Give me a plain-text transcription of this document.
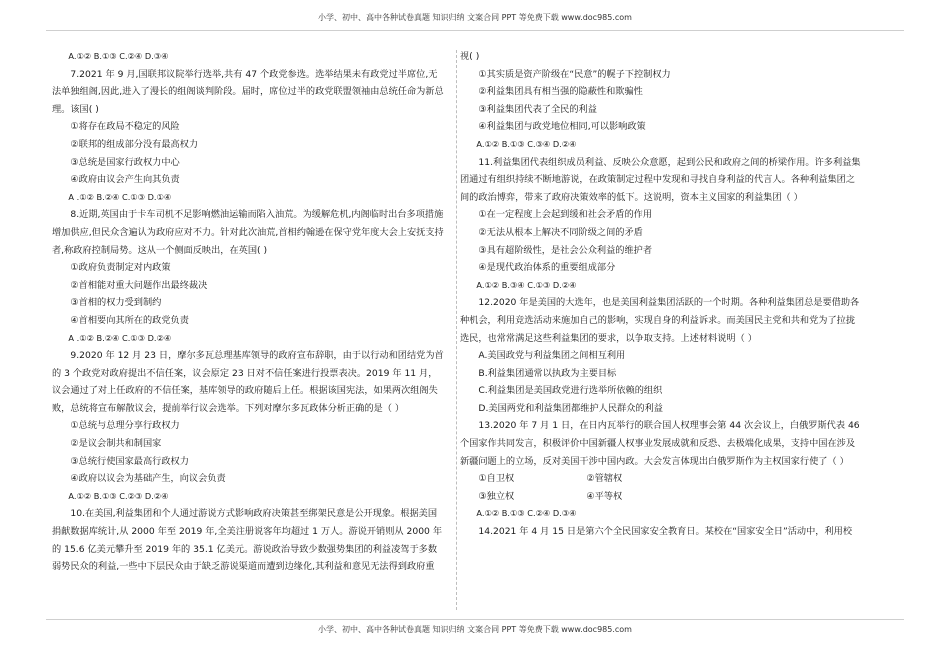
小学、初中、高中各种试卷真题 知识归纳 文案合同 PPT 等免费下载 www.doc985.com

A.①② B.①③ C.②④ D.③④

7.2021 年 9 月,国联邦议院举行选举,共有 47 个政党参选。选举结果未有政党过半席位,无法单独组阁,因此,进入了漫长的组阁谈判阶段。届时，席位过半的政党联盟领袖由总统任命为新总理。该国( )

①将存在政局不稳定的风险

②联邦的组成部分没有最高权力

③总统是国家行政权力中心

④政府由议会产生向其负责

A .①② B.②④ C.①③ D.①④

8.近期,英国由于卡车司机不足影响燃油运输而陷入油荒。为缓解危机,内阁临时出台多项措施增加供应,但民众含遍认为政府应对不力。针对此次油荒,首相约翰逊在保守党年度大会上安抚支持者,称政府控制局势。这从一个侧面反映出，在英国( )

①政府负责制定对内政策

②首相能对重大问题作出最终裁决

③首相的权力受到制约

④首相要向其所在的政党负责

A .①② B.②④ C.①③ D.②④

9.2020 年 12 月 23 日，摩尔多瓦总理基库领导的政府宣布辞职，由于以行动和团结党为首的 3 个政党对政府提出不信任案，议会原定 23 日对不信任案进行投票表决。2019 年 11 月，议会通过了对上任政府的不信任案，基库领导的政府随后上任。根据该国宪法，如果两次组阁失败，总统将宣布解散议会，提前举行议会选举。下列对摩尔多瓦政体分析正确的是（ ）

①总统与总理分享行政权力

②是议会制共和制国家

③总统行使国家最高行政权力

④政府以议会为基础产生，向议会负责

A.①② B.①③ C.②③ D.②④

10.在美国,利益集团和个人通过游说方式影响政府决策甚至绑架民意是公开现象。根据美国捐献数据库统计,从 2000 年至 2019 年,全美注册说客年均超过 1 万人。游说开销则从 2000 年的 15.6 亿美元攀升至 2019 年的 35.1 亿美元。游说政治导致少数强势集团的利益凌驾于多数弱势民众的利益,一些中下层民众由于缺乏游说渠道而遭到边缘化,其利益和意见无法得到政府重

视( )

①其实质是资产阶级在“民意”的幌子下控制权力

②利益集团具有相当强的隐蔽性和欺骗性

③利益集团代表了全民的利益

④利益集团与政党地位相同,可以影响政策

A.①② B.①③ C.③④ D.②④

11.利益集团代表组织成员利益、反映公众意愿，起到公民和政府之间的桥梁作用。许多利益集团通过有组织持续不断地游说，在政策制定过程中发现和寻找自身利益的代言人。各种利益集团之间的政治博弈，带来了政府决策效率的低下。这说明，资本主义国家的利益集团（ ）

①在一定程度上会起到缓和社会矛盾的作用

②无法从根本上解决不同阶级之间的矛盾

③具有超阶级性，是社会公众利益的维护者

④是现代政治体系的重要组成部分

A.①② B.③④ C.①③ D.②④

12.2020 年是美国的大选年，也是美国利益集团活跃的一个时期。各种利益集团总是要借助各种机会，利用竞选活动来施加自己的影响，实现自身的利益诉求。而美国民主党和共和党为了拉拢选民，也常常满足这些利益集团的要求，以争取支持。上述材料说明（ ）

A.美国政党与利益集团之间相互利用

B.利益集团通常以执政为主要目标

C.利益集团是美国政党进行选举所依赖的组织

D.美国两党和利益集团都维护人民群众的利益

13.2020 年 7 月 1 日，在日内瓦举行的联合国人权理事会第 44 次会议上，白俄罗斯代表 46 个国家作共同发言，积极评价中国新疆人权事业发展成就和反恐、去极端化成果，支持中国在涉及新疆问题上的立场，反对美国干涉中国内政。大会发言体现出白俄罗斯作为主权国家行使了（ ）

①自卫权	②管辖权
③独立权	④平等权

A.①② B.①③ C.②④ D.③④

14.2021 年 4 月 15 日是第六个全民国家安全教育日。某校在“国家安全日”活动中，利用校

小学、初中、高中各种试卷真题 知识归纳 文案合同 PPT 等免费下载 www.doc985.com
